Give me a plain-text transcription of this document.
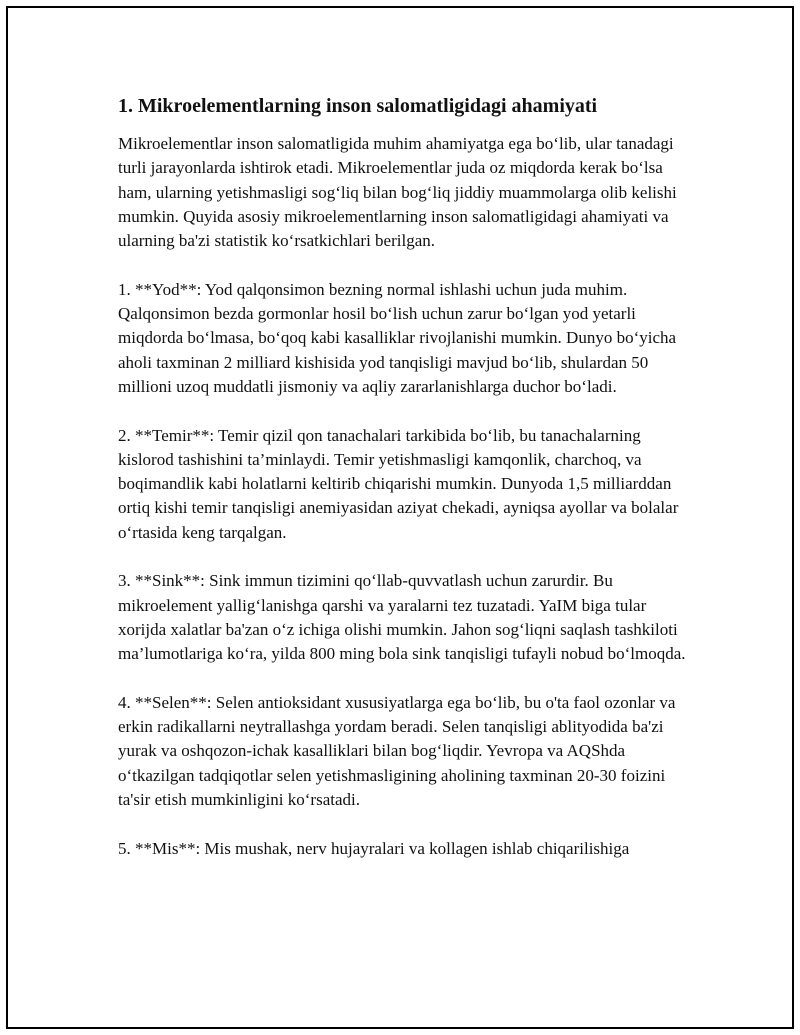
1. Mikroelementlarning inson salomatligidagi ahamiyati

Mikroelementlar inson salomatligida muhim ahamiyatga ega bo‘lib, ular tanadagi turli jarayonlarda ishtirok etadi. Mikroelementlar juda oz miqdorda kerak bo‘lsa ham, ularning yetishmasligi sog‘liq bilan bog‘liq jiddiy muammolarga olib kelishi mumkin. Quyida asosiy mikroelementlarning inson salomatligidagi ahamiyati va ularning ba'zi statistik ko‘rsatkichlari berilgan.

1. **Yod**: Yod qalqonsimon bezning normal ishlashi uchun juda muhim. Qalqonsimon bezda gormonlar hosil bo‘lish uchun zarur bo‘lgan yod yetarli miqdorda bo‘lmasa, bo‘qoq kabi kasalliklar rivojlanishi mumkin. Dunyo bo‘yicha aholi taxminan 2 milliard kishisida yod tanqisligi mavjud bo‘lib, shulardan 50 millioni uzoq muddatli jismoniy va aqliy zararlanishlarga duchor bo‘ladi.

2. **Temir**: Temir qizil qon tanachalari tarkibida bo‘lib, bu tanachalarning kislorod tashishini ta’minlaydi. Temir yetishmasligi kamqonlik, charchoq, va boqimandlik kabi holatlarni keltirib chiqarishi mumkin. Dunyoda 1,5 milliarddan ortiq kishi temir tanqisligi anemiyasidan aziyat chekadi, ayniqsa ayollar va bolalar o‘rtasida keng tarqalgan.

3. **Sink**: Sink immun tizimini qo‘llab-quvvatlash uchun zarurdir. Bu mikroelement yallig‘lanishga qarshi va yaralarni tez tuzatadi. YaIM biga tular xorijda xalatlar ba'zan o‘z ichiga olishi mumkin. Jahon sog‘liqni saqlash tashkiloti ma’lumotlariga ko‘ra, yilda 800 ming bola sink tanqisligi tufayli nobud bo‘lmoqda.

4. **Selen**: Selen antioksidant xususiyatlarga ega bo‘lib, bu o'ta faol ozonlar va erkin radikallarni neytrallashga yordam beradi. Selen tanqisligi ablityodida ba'zi yurak va oshqozon-ichak kasalliklari bilan bog‘liqdir. Yevropa va AQShda o‘tkazilgan tadqiqotlar selen yetishmasligining aholining taxminan 20-30 foizini ta'sir etish mumkinligini ko‘rsatadi.

5. **Mis**: Mis mushak, nerv hujayralari va kollagen ishlab chiqarilishiga
